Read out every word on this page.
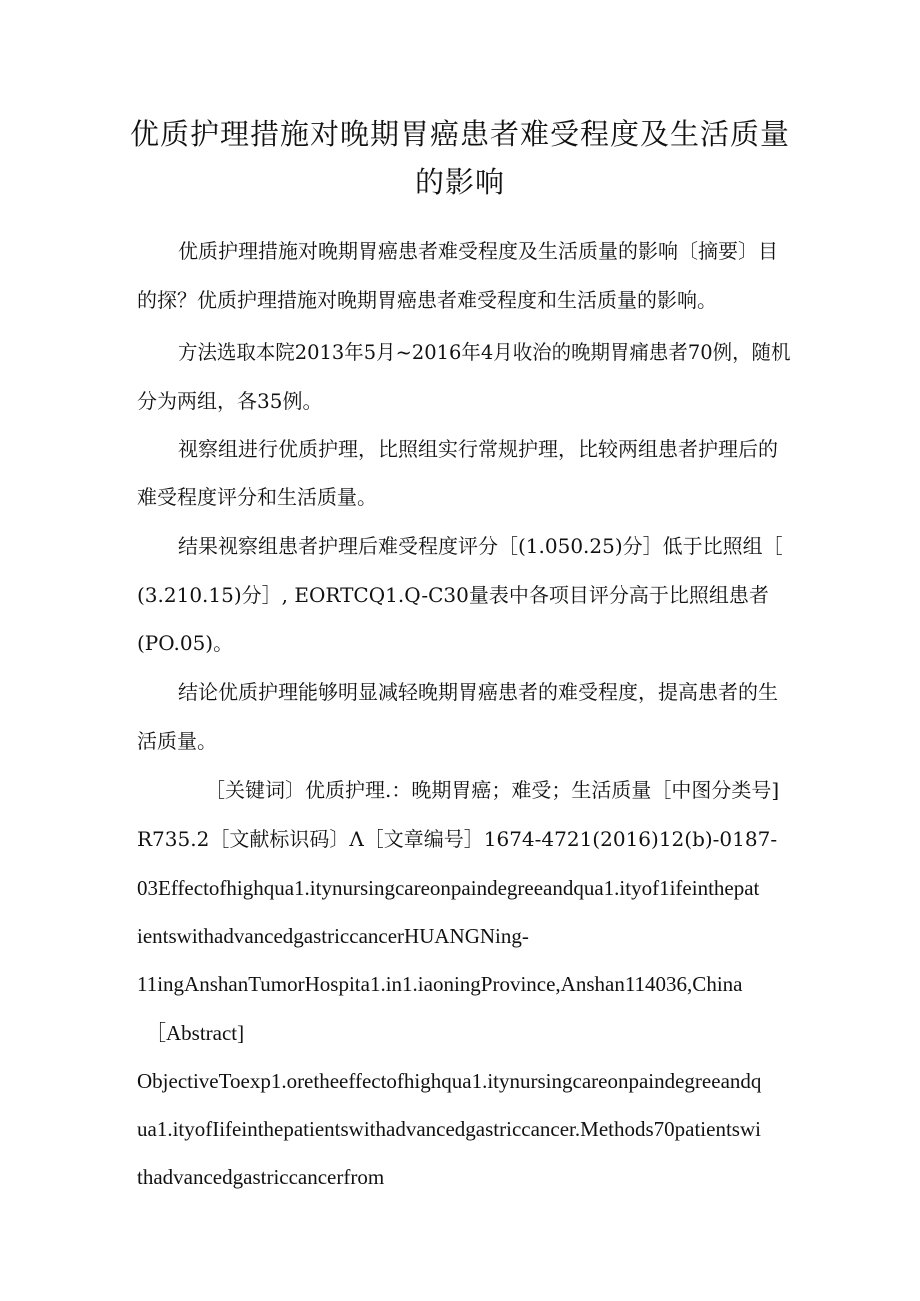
优质护理措施对晚期胃癌患者难受程度及生活质量
的影响

优质护理措施对晚期胃癌患者难受程度及生活质量的影响〔摘要〕目

的探？优质护理措施对晚期胃癌患者难受程度和生活质量的影响。

方法选取本院2013年5月~2016年4月收治的晚期胃痛患者70例，随机

分为两组，各35例。

视察组进行优质护理，比照组实行常规护理，比较两组患者护理后的

难受程度评分和生活质量。

结果视察组患者护理后难受程度评分［(1.050.25)分］低于比照组［

(3.210.15)分］, EORTCQ1.Q-C30量表中各项目评分高于比照组患者

(PO.05)。

结论优质护理能够明显减轻晚期胃癌患者的难受程度，提高患者的生

活质量。

［关键词〕优质护理.：晚期胃癌；难受；生活质量［中图分类号]

R735.2［文献标识码〕Λ［文章编号］1674-4721(2016)12(b)-0187-

03Effectofhighqua1.itynursingcareonpaindegreeandqua1.ityof1ifeinthepat

ientswithadvancedgastriccancerHUANGNing-

11ingAnshanTumorHospita1.in1.iaoningProvince,Anshan114036,China

［Abstract]

ObjectiveToexp1.oretheeffectofhighqua1.itynursingcareonpaindegreeandq

ua1.ityofIifeinthepatientswithadvancedgastriccancer.Methods70patientswi

thadvancedgastriccancerfrom
